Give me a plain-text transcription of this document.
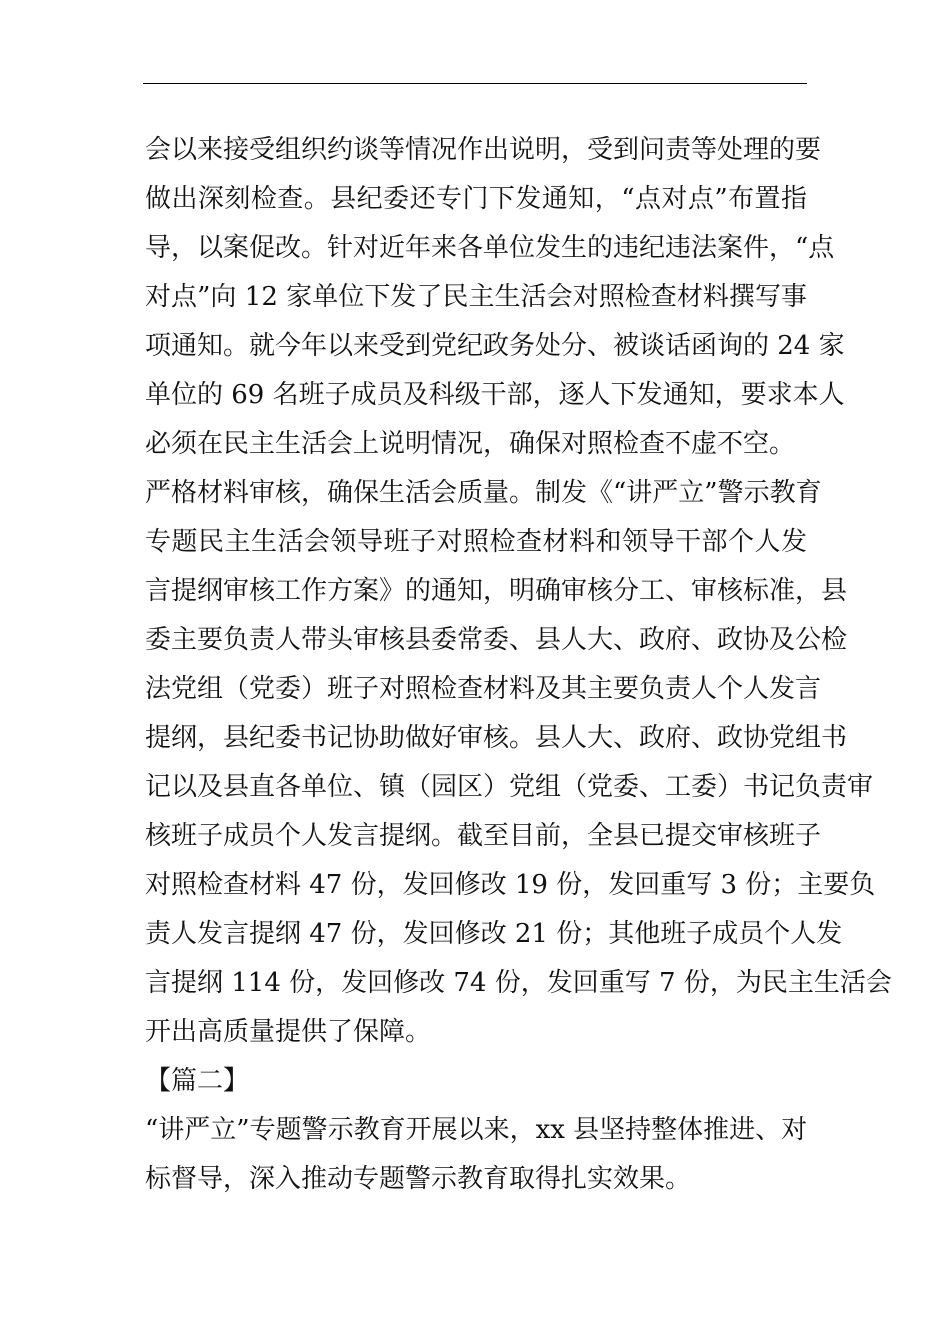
会以来接受组织约谈等情况作出说明，受到问责等处理的要
做出深刻检查。县纪委还专门下发通知，“点对点”布置指
导，以案促改。针对近年来各单位发生的违纪违法案件，“点
对点”向 12 家单位下发了民主生活会对照检查材料撰写事
项通知。就今年以来受到党纪政务处分、被谈话函询的 24 家
单位的 69 名班子成员及科级干部，逐人下发通知，要求本人
必须在民主生活会上说明情况，确保对照检查不虚不空。
严格材料审核，确保生活会质量。制发《“讲严立”警示教育
专题民主生活会领导班子对照检查材料和领导干部个人发
言提纲审核工作方案》的通知，明确审核分工、审核标准，县
委主要负责人带头审核县委常委、县人大、政府、政协及公检
法党组（党委）班子对照检查材料及其主要负责人个人发言
提纲，县纪委书记协助做好审核。县人大、政府、政协党组书
记以及县直各单位、镇（园区）党组（党委、工委）书记负责审
核班子成员个人发言提纲。截至目前，全县已提交审核班子
对照检查材料 47 份，发回修改 19 份，发回重写 3 份；主要负
责人发言提纲 47 份，发回修改 21 份；其他班子成员个人发
言提纲 114 份，发回修改 74 份，发回重写 7 份，为民主生活会
开出高质量提供了保障。
【篇二】
“讲严立”专题警示教育开展以来，xx 县坚持整体推进、对
标督导，深入推动专题警示教育取得扎实效果。
